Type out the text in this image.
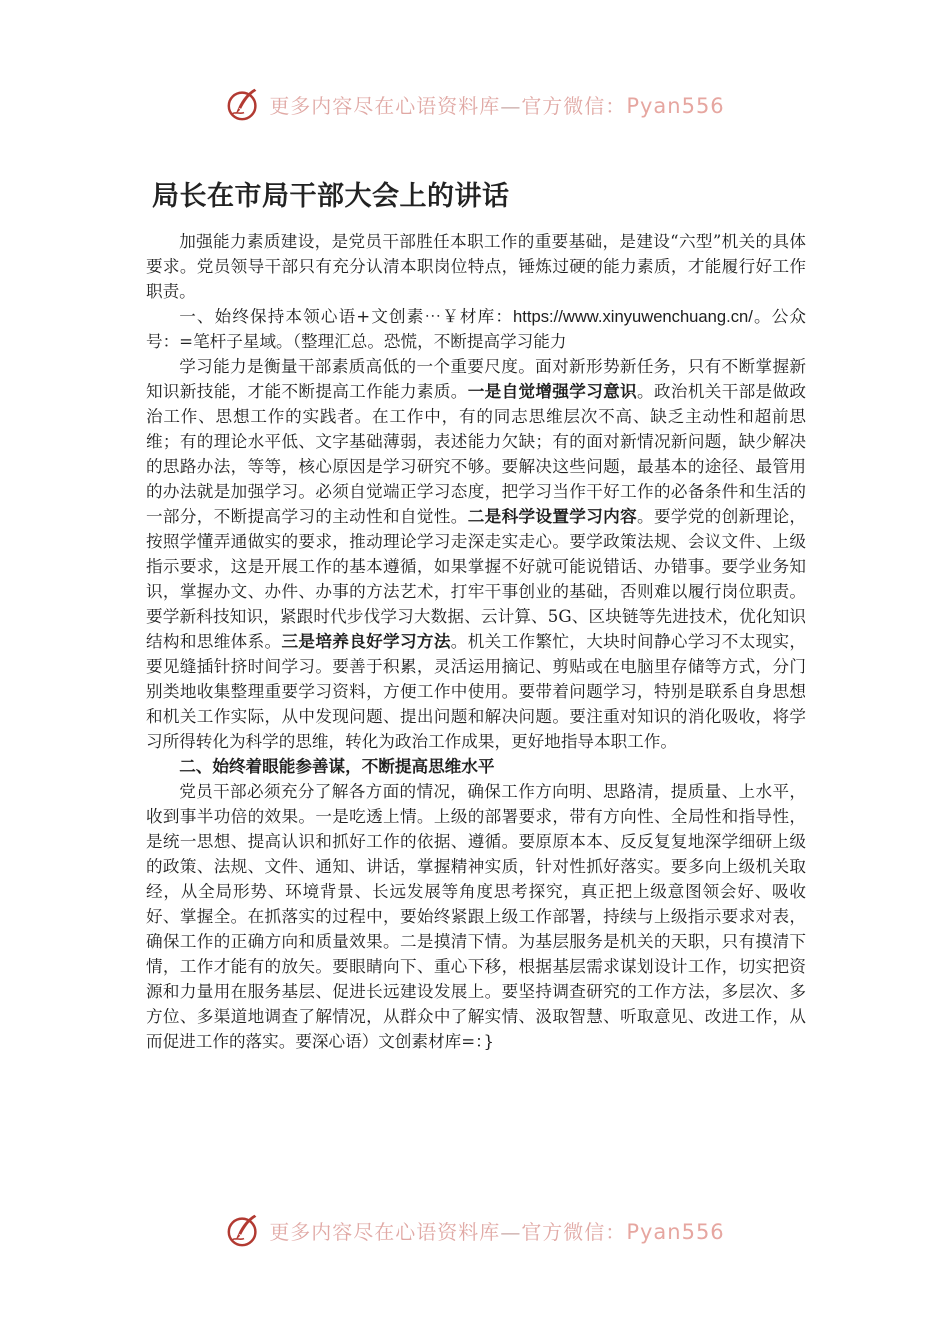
更多内容尽在心语资料库—官方微信：Pyan556
局长在市局干部大会上的讲话

加强能力素质建设，是党员干部胜任本职工作的重要基础，是建设“六型”机关的具体要求。党员领导干部只有充分认清本职岗位特点，锤炼过硬的能力素质，才能履行好工作职责。

一、始终保持本领心语+文创素⋯￥材库：https://www.xinyuwenchuang.cn/。公众号：=笔杆子星域。（整理汇总。恐慌，不断提高学习能力

学习能力是衡量干部素质高低的一个重要尺度。面对新形势新任务，只有不断掌握新知识新技能，才能不断提高工作能力素质。一是自觉增强学习意识。政治机关干部是做政治工作、思想工作的实践者。在工作中，有的同志思维层次不高、缺乏主动性和超前思维；有的理论水平低、文字基础薄弱，表述能力欠缺；有的面对新情况新问题，缺少解决的思路办法，等等，核心原因是学习研究不够。要解决这些问题，最基本的途径、最管用的办法就是加强学习。必须自觉端正学习态度，把学习当作干好工作的必备条件和生活的一部分，不断提高学习的主动性和自觉性。二是科学设置学习内容。要学党的创新理论，按照学懂弄通做实的要求，推动理论学习走深走实走心。要学政策法规、会议文件、上级指示要求，这是开展工作的基本遵循，如果掌握不好就可能说错话、办错事。要学业务知识，掌握办文、办件、办事的方法艺术，打牢干事创业的基础，否则难以履行岗位职责。要学新科技知识，紧跟时代步伐学习大数据、云计算、5G、区块链等先进技术，优化知识结构和思维体系。三是培养良好学习方法。机关工作繁忙，大块时间静心学习不太现实，要见缝插针挤时间学习。要善于积累，灵活运用摘记、剪贴或在电脑里存储等方式，分门别类地收集整理重要学习资料，方便工作中使用。要带着问题学习，特别是联系自身思想和机关工作实际，从中发现问题、提出问题和解决问题。要注重对知识的消化吸收，将学习所得转化为科学的思维，转化为政治工作成果，更好地指导本职工作。

二、始终着眼能参善谋，不断提高思维水平

党员干部必须充分了解各方面的情况，确保工作方向明、思路清，提质量、上水平，收到事半功倍的效果。一是吃透上情。上级的部署要求，带有方向性、全局性和指导性，是统一思想、提高认识和抓好工作的依据、遵循。要原原本本、反反复复地深学细研上级的政策、法规、文件、通知、讲话，掌握精神实质，针对性抓好落实。要多向上级机关取经，从全局形势、环境背景、长远发展等角度思考探究，真正把上级意图领会好、吸收好、掌握全。在抓落实的过程中，要始终紧跟上级工作部署，持续与上级指示要求对表，确保工作的正确方向和质量效果。二是摸清下情。为基层服务是机关的天职，只有摸清下情，工作才能有的放矢。要眼睛向下、重心下移，根据基层需求谋划设计工作，切实把资源和力量用在服务基层、促进长远建设发展上。要坚持调查研究的工作方法，多层次、多方位、多渠道地调查了解情况，从群众中了解实情、汲取智慧、听取意见、改进工作，从而促进工作的落实。要深心语）文创素材库=：}

更多内容尽在心语资料库—官方微信：Pyan556
